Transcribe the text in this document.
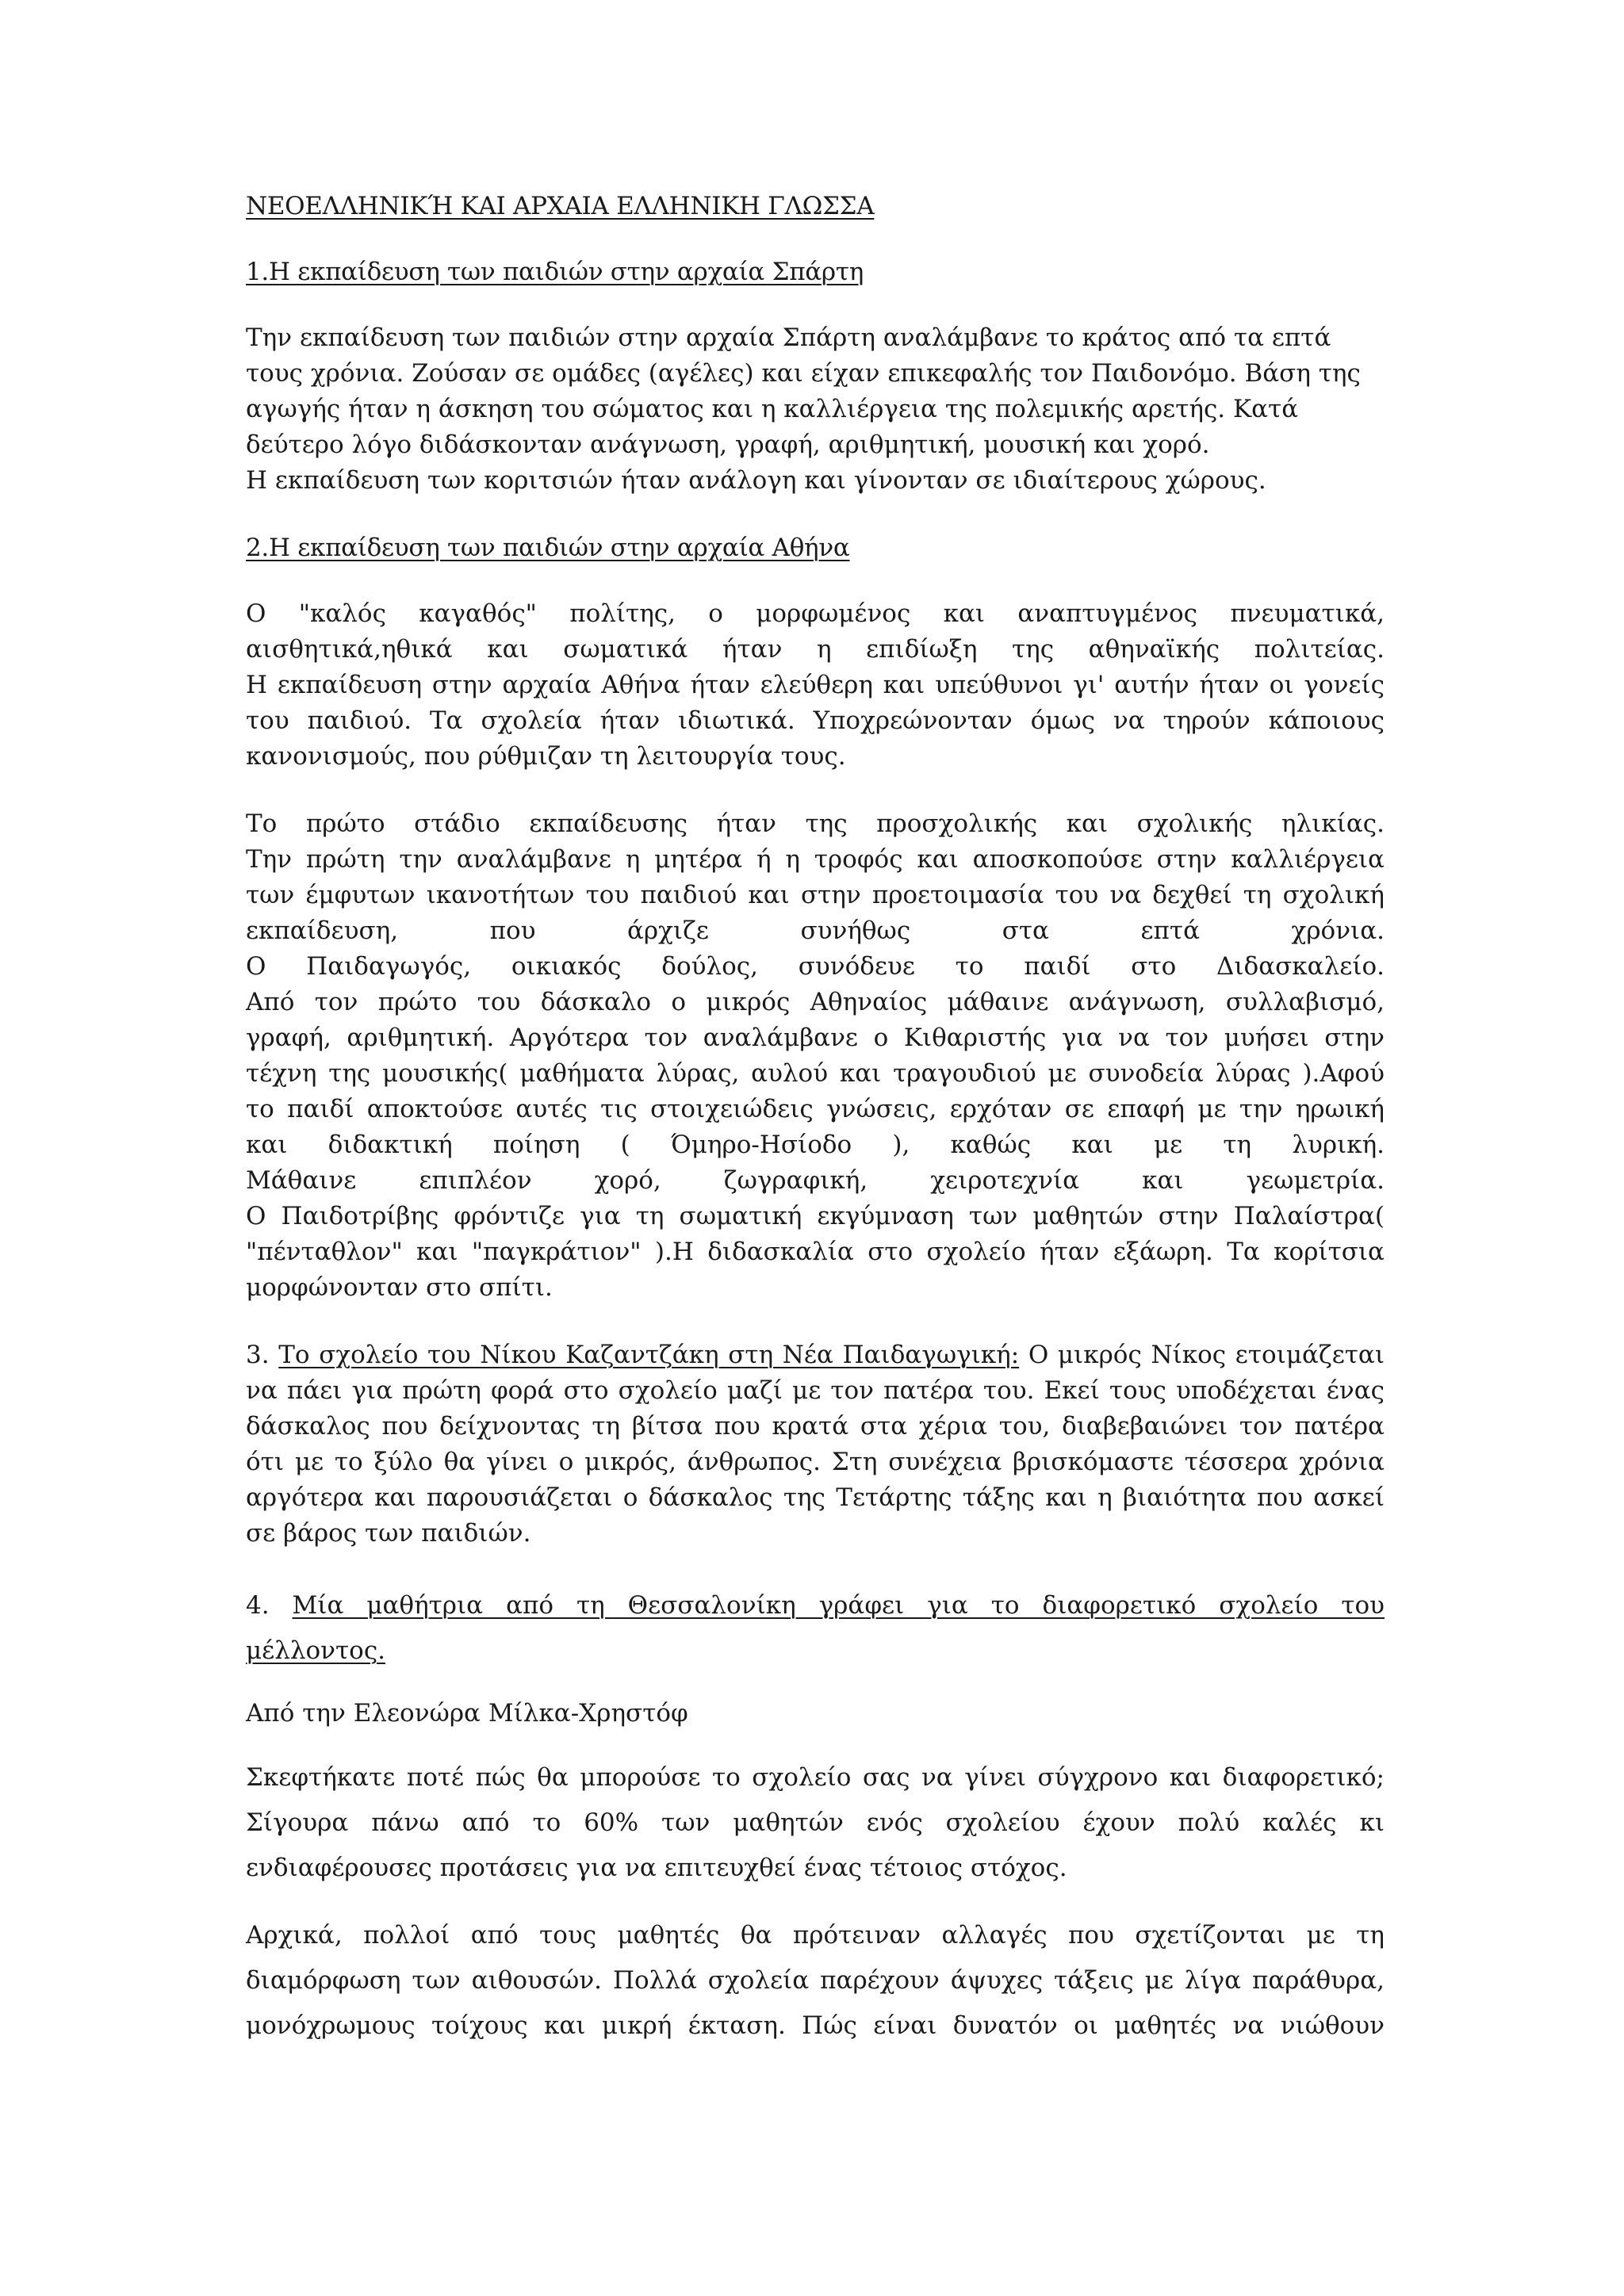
ΝΕΟΕΛΛΗΝΙΚΉ ΚΑΙ ΑΡΧΑΙΑ ΕΛΛΗΝΙΚΗ ΓΛΩΣΣΑ
1.Η εκπαίδευση των παιδιών στην αρχαία Σπάρτη
Την εκπαίδευση των παιδιών στην αρχαία Σπάρτη αναλάμβανε το κράτος από τα επτά
τους χρόνια. Ζούσαν σε ομάδες (αγέλες) και είχαν επικεφαλής τον Παιδονόμο. Βάση της
αγωγής ήταν η άσκηση του σώματος και η καλλιέργεια της πολεμικής αρετής. Κατά
δεύτερο λόγο διδάσκονταν ανάγνωση, γραφή, αριθμητική, μουσική και χορό.
Η εκπαίδευση των κοριτσιών ήταν ανάλογη και γίνονταν σε ιδιαίτερους χώρους.
2.Η εκπαίδευση των παιδιών στην αρχαία Αθήνα
Ο "καλός καγαθός" πολίτης, ο μορφωμένος και αναπτυγμένος πνευματικά,
αισθητικά,ηθικά και σωματικά ήταν η επιδίωξη της αθηναϊκής πολιτείας.
Η εκπαίδευση στην αρχαία Αθήνα ήταν ελεύθερη και υπεύθυνοι γι' αυτήν ήταν οι γονείς
του παιδιού. Τα σχολεία ήταν ιδιωτικά. Υποχρεώνονταν όμως να τηρούν κάποιους
κανονισμούς, που ρύθμιζαν τη λειτουργία τους.
Το πρώτο στάδιο εκπαίδευσης ήταν της προσχολικής και σχολικής ηλικίας.
Την πρώτη την αναλάμβανε η μητέρα ή η τροφός και αποσκοπούσε στην καλλιέργεια
των έμφυτων ικανοτήτων του παιδιού και στην προετοιμασία του να δεχθεί τη σχολική
εκπαίδευση, που άρχιζε συνήθως στα επτά χρόνια.
Ο Παιδαγωγός, οικιακός δούλος, συνόδευε το παιδί στο Διδασκαλείο.
Από τον πρώτο του δάσκαλο ο μικρός Αθηναίος μάθαινε ανάγνωση, συλλαβισμό,
γραφή, αριθμητική. Αργότερα τον αναλάμβανε ο Κιθαριστής για να τον μυήσει στην
τέχνη της μουσικής( μαθήματα λύρας, αυλού και τραγουδιού με συνοδεία λύρας ).Αφού
το παιδί αποκτούσε αυτές τις στοιχειώδεις γνώσεις, ερχόταν σε επαφή με την ηρωική
και διδακτική ποίηση ( Όμηρο-Ησίοδο ), καθώς και με τη λυρική.
Μάθαινε επιπλέον χορό, ζωγραφική, χειροτεχνία και γεωμετρία.
Ο Παιδοτρίβης φρόντιζε για τη σωματική εκγύμναση των μαθητών στην Παλαίστρα(
"πένταθλον" και "παγκράτιον" ).Η διδασκαλία στο σχολείο ήταν εξάωρη. Τα κορίτσια
μορφώνονταν στο σπίτι.
3. Το σχολείο του Νίκου Καζαντζάκη στη Νέα Παιδαγωγική: Ο μικρός Νίκος ετοιμάζεται
να πάει για πρώτη φορά στο σχολείο μαζί με τον πατέρα του. Εκεί τους υποδέχεται ένας
δάσκαλος που δείχνοντας τη βίτσα που κρατά στα χέρια του, διαβεβαιώνει τον πατέρα
ότι με το ξύλο θα γίνει ο μικρός, άνθρωπος. Στη συνέχεια βρισκόμαστε τέσσερα χρόνια
αργότερα και παρουσιάζεται ο δάσκαλος της Τετάρτης τάξης και η βιαιότητα που ασκεί
σε βάρος των παιδιών.
4. Μία μαθήτρια από τη Θεσσαλονίκη γράφει για το διαφορετικό σχολείο του
μέλλοντος.
Από την Ελεονώρα Μίλκα-Χρηστόφ
Σκεφτήκατε ποτέ πώς θα μπορούσε το σχολείο σας να γίνει σύγχρονο και διαφορετικό;
Σίγουρα πάνω από το 60% των μαθητών ενός σχολείου έχουν πολύ καλές κι
ενδιαφέρουσες προτάσεις για να επιτευχθεί ένας τέτοιος στόχος.
Αρχικά, πολλοί από τους μαθητές θα πρότειναν αλλαγές που σχετίζονται με τη
διαμόρφωση των αιθουσών. Πολλά σχολεία παρέχουν άψυχες τάξεις με λίγα παράθυρα,
μονόχρωμους τοίχους και μικρή έκταση. Πώς είναι δυνατόν οι μαθητές να νιώθουν
